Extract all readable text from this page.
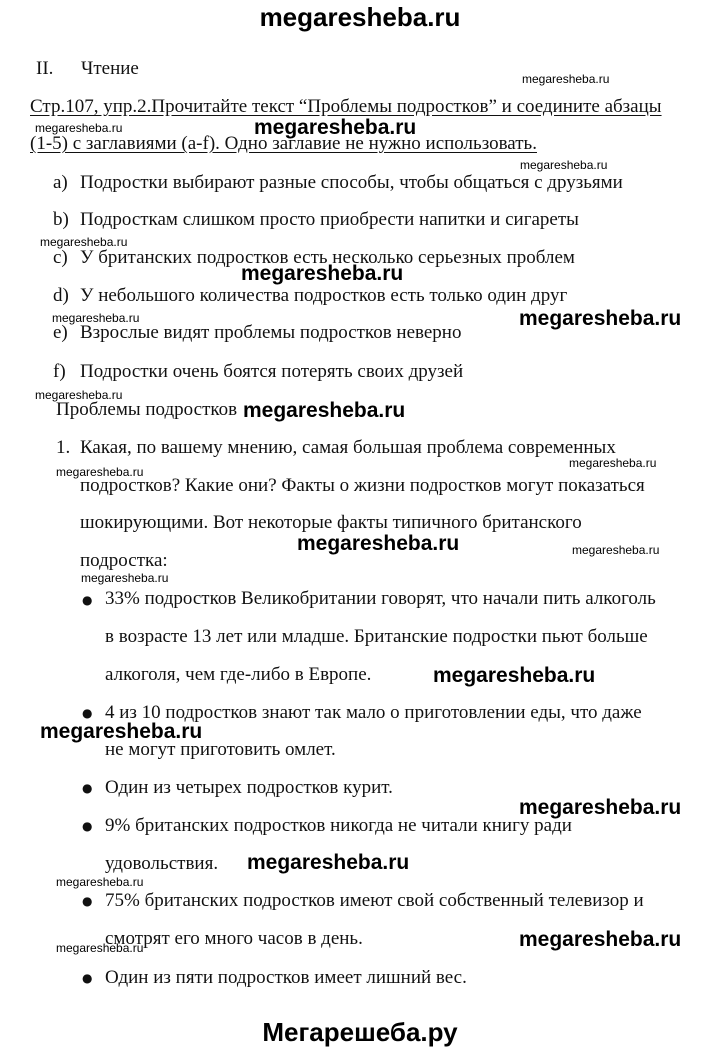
megaresheba.ru
II. Чтение
Стр.107, упр.2.Прочитайте текст “Проблемы подростков” и соедините абзацы
(1-5) с заглавиями (a-f). Одно заглавие не нужно использовать.
a) Подростки выбирают разные способы, чтобы общаться с друзьями
b) Подросткам слишком просто приобрести напитки и сигареты
c) У британских подростков есть несколько серьезных проблем
d) У небольшого количества подростков есть только один друг
e) Взрослые видят проблемы подростков неверно
f) Подростки очень боятся потерять своих друзей
Проблемы подростков
1. Какая, по вашему мнению, самая большая проблема современных
подростков? Какие они? Факты о жизни подростков могут показаться
шокирующими. Вот некоторые факты типичного британского
подростка:
● 33% подростков Великобритании говорят, что начали пить алкоголь
в возрасте 13 лет или младше. Британские подростки пьют больше
алкоголя, чем где-либо в Европе.
● 4 из 10 подростков знают так мало о приготовлении еды, что даже
не могут приготовить омлет.
● Один из четырех подростков курит.
● 9% британских подростков никогда не читали книгу ради
удовольствия.
● 75% британских подростков имеют свой собственный телевизор и
смотрят его много часов в день.
● Один из пяти подростков имеет лишний вес.
megaresheba.ru
megaresheba.ru	megaresheba.ru
megaresheba.ru
megaresheba.ru
megaresheba.ru
megaresheba.ru	megaresheba.ru
megaresheba.ru
megaresheba.ru
megaresheba.ru
megaresheba.ru
megaresheba.ru	megaresheba.ru
megaresheba.ru
megaresheba.ru
megaresheba.ru
megaresheba.ru
megaresheba.ru
megaresheba.ru
megaresheba.ru
megaresheba.ru
Мегарешеба.ру
